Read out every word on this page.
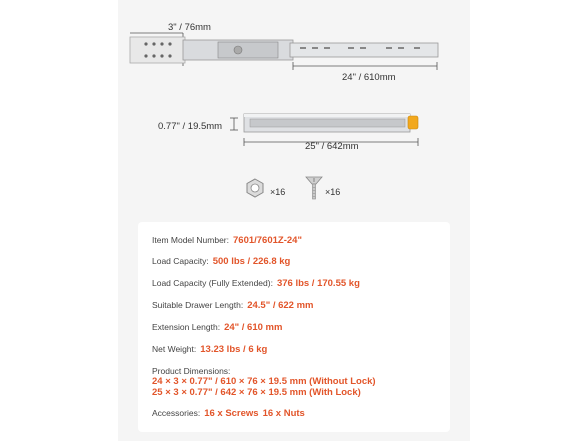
3" / 76mm
24" / 610mm
0.77" / 19.5mm
25" / 642mm
×16	×16
Item Model Number: 7601/7601Z-24"
Load Capacity: 500 lbs / 226.8 kg
Load Capacity (Fully Extended): 376 lbs / 170.55 kg
Suitable Drawer Length: 24.5" / 622 mm
Extension Length: 24" / 610 mm
Net Weight: 13.23 lbs / 6 kg
Product Dimensions:
24 × 3 × 0.77" / 610 × 76 × 19.5 mm (Without Lock)
25 × 3 × 0.77" / 642 × 76 × 19.5 mm (With Lock)
Accessories: 16 x Screws 16 x Nuts
